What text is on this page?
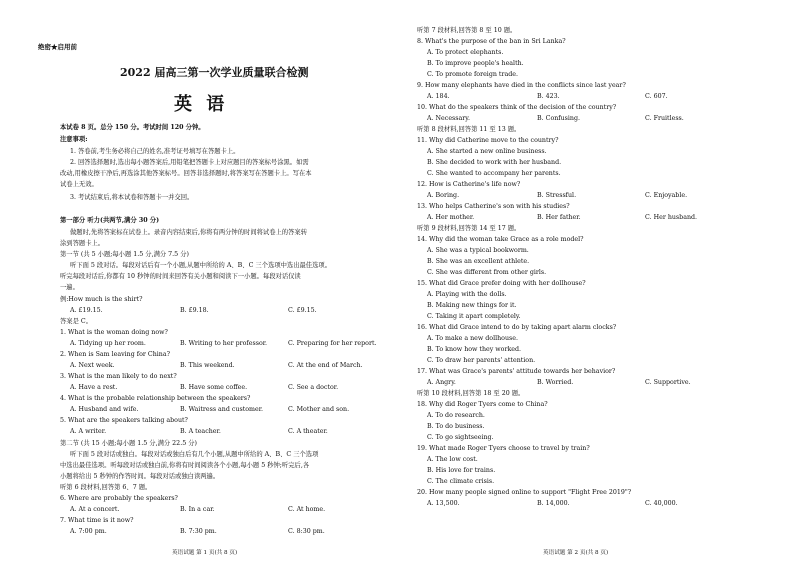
绝密★启用前
2022 届高三第一次学业质量联合检测
英 语
本试卷 8 页。总分 150 分。考试时间 120 分钟。
注意事项:
1. 答卷前,考生务必将自己的姓名,准考证号填写在答题卡上。
2. 回答选择题时,选出每小题答案后,用铅笔把答题卡上对应题目的答案标号涂黑。如需
改动,用橡皮擦干净后,再选涂其他答案标号。回答非选择题时,将答案写在答题卡上。写在本
试卷上无效。
3. 考试结束后,将本试卷和答题卡一并交回。
第一部分 听力(共两节,满分 30 分)
做题时,先将答案标在试卷上。录音内容结束后,你将有两分钟的时间将试卷上的答案转
涂到答题卡上。
第一节 (共 5 小题;每小题 1.5 分,满分 7.5 分)
听下面 5 段对话。每段对话后有一个小题,从题中所给的 A、B、C 三个选项中选出最佳选项。
听完每段对话后,你都有 10 秒钟的时间来回答有关小题和阅读下一小题。每段对话仅读
一遍。
例:How much is the shirt?
A. £19.15.	B. £9.18.	C. £9.15.
答案是 C。
1. What is the woman doing now?
A. Tidying up her room.	B. Writing to her professor.	C. Preparing for her report.
2. When is Sam leaving for China?
A. Next week.	B. This weekend.	C. At the end of March.
3. What is the man likely to do next?
A. Have a rest.	B. Have some coffee.	C. See a doctor.
4. What is the probable relationship between the speakers?
A. Husband and wife.	B. Waitress and customer.	C. Mother and son.
5. What are the speakers talking about?
A. A writer.	B. A teacher.	C. A theater.
第二节 (共 15 小题;每小题 1.5 分,满分 22.5 分)
听下面 5 段对话或独白。每段对话或独白后有几个小题,从题中所给的 A、B、C 三个选项
中选出最佳选项。听每段对话或独白前,你将有时间阅读各个小题,每小题 5 秒钟;听完后,各
小题将给出 5 秒钟的作答时间。每段对话或独白读两遍。
听第 6 段材料,回答第 6、7 题。
6. Where are probably the speakers?
A. At a concert.	B. In a car.	C. At home.
7. What time is it now?
A. 7:00 pm.	B. 7:30 pm.	C. 8:30 pm.
英语试题 第 1 页(共 8 页)
听第 7 段材料,回答第 8 至 10 题。
8. What's the purpose of the ban in Sri Lanka?
A. To protect elephants.
B. To improve people's health.
C. To promote foreign trade.
9. How many elephants have died in the conflicts since last year?
A. 184.	B. 423.	C. 607.
10. What do the speakers think of the decision of the country?
A. Necessary.	B. Confusing.	C. Fruitless.
听第 8 段材料,回答第 11 至 13 题。
11. Why did Catherine move to the country?
A. She started a new online business.
B. She decided to work with her husband.
C. She wanted to accompany her parents.
12. How is Catherine's life now?
A. Boring.	B. Stressful.	C. Enjoyable.
13. Who helps Catherine's son with his studies?
A. Her mother.	B. Her father.	C. Her husband.
听第 9 段材料,回答第 14 至 17 题。
14. Why did the woman take Grace as a role model?
A. She was a typical bookworm.
B. She was an excellent athlete.
C. She was different from other girls.
15. What did Grace prefer doing with her dollhouse?
A. Playing with the dolls.
B. Making new things for it.
C. Taking it apart completely.
16. What did Grace intend to do by taking apart alarm clocks?
A. To make a new dollhouse.
B. To know how they worked.
C. To draw her parents' attention.
17. What was Grace's parents' attitude towards her behavior?
A. Angry.	B. Worried.	C. Supportive.
听第 10 段材料,回答第 18 至 20 题。
18. Why did Roger Tyers come to China?
A. To do research.
B. To do business.
C. To go sightseeing.
19. What made Roger Tyers choose to travel by train?
A. The low cost.
B. His love for trains.
C. The climate crisis.
20. How many people signed online to support "Flight Free 2019"?
A. 13,500.	B. 14,000.	C. 40,000.
英语试题 第 2 页(共 8 页)
